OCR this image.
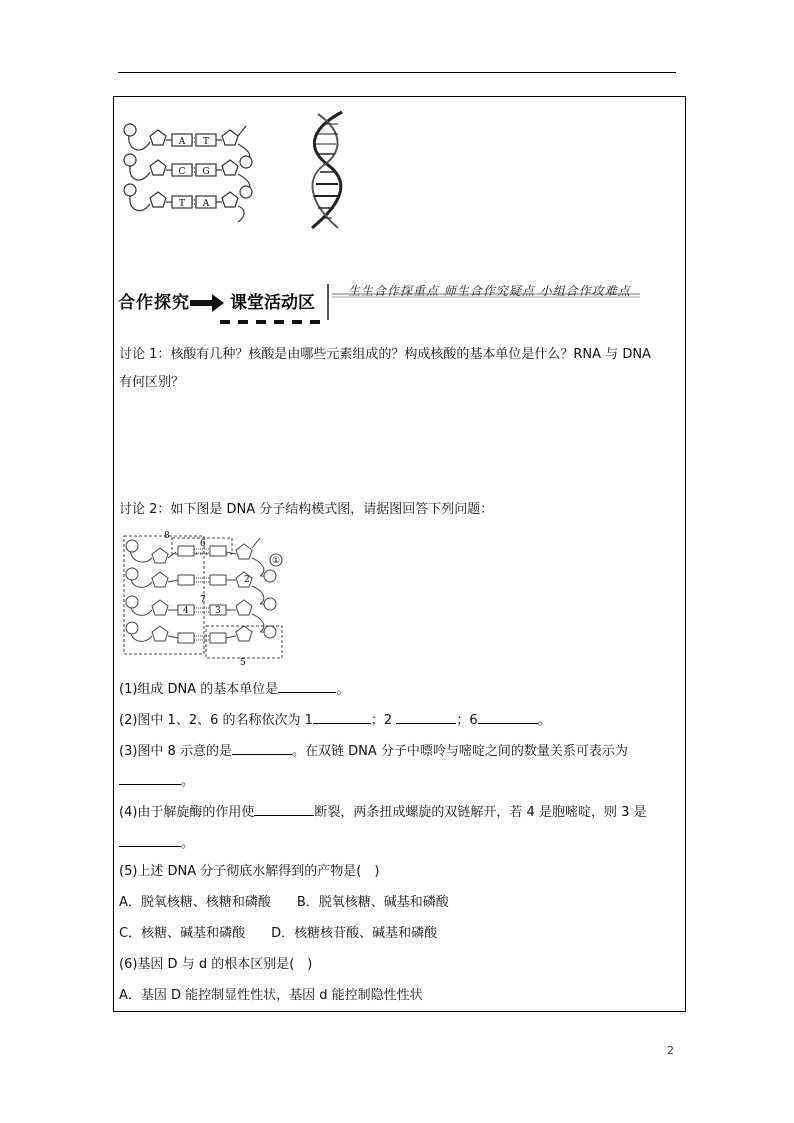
A T
C G
T A
合作探究 课堂活动区
生生合作探重点 师生合作究疑点 小组合作攻难点
讨论 1：核酸有几种？核酸是由哪些元素组成的？构成核酸的基本单位是什么？RNA 与 DNA
有何区别？
讨论 2：如下图是 DNA 分子结构模式图，请据图回答下列问题：
8
6
①
2
7
4	3
5
(1)组成 DNA 的基本单位是	。
(2)图中 1、2、6 的名称依次为 1	；2	；6	。
(3)图中 8 示意的是	。在双链 DNA 分子中嘌呤与嘧啶之间的数量关系可表示为
。
(4)由于解旋酶的作用使	断裂，两条扭成螺旋的双链解开，若 4 是胞嘧啶，则 3 是
。
(5)上述 DNA 分子彻底水解得到的产物是(　)
A．脱氧核糖、核糖和磷酸　　B．脱氧核糖、碱基和磷酸
C．核糖、碱基和磷酸　　D．核糖核苷酸、碱基和磷酸
(6)基因 D 与 d 的根本区别是(　)
A．基因 D 能控制显性性状，基因 d 能控制隐性性状
2
